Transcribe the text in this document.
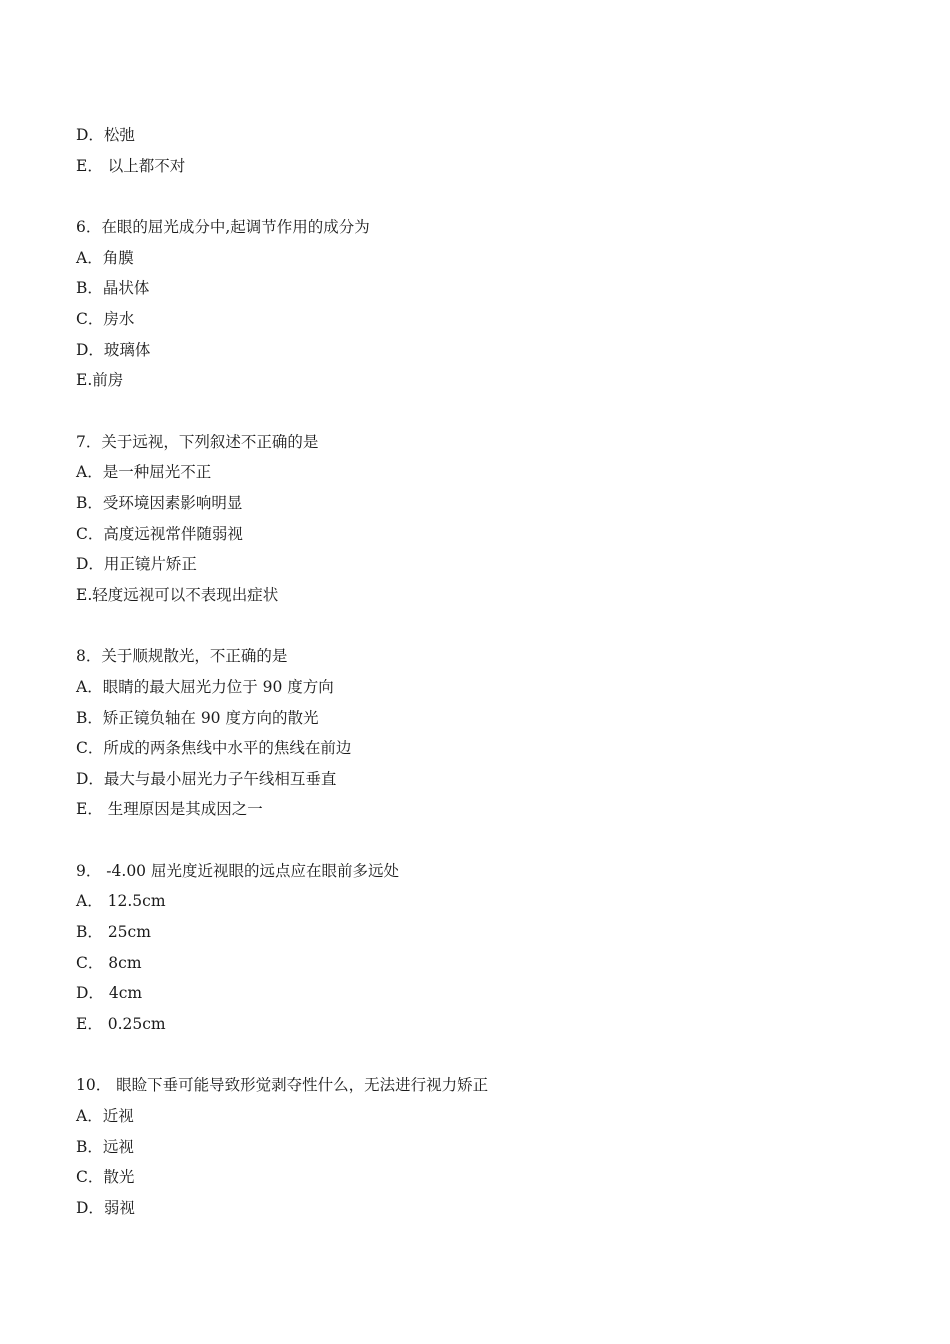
D．松弛
E． 以上都不对
6．在眼的屈光成分中,起调节作用的成分为
A．角膜
B．晶状体
C．房水
D．玻璃体
E.前房
7．关于远视，下列叙述不正确的是
A．是一种屈光不正
B．受环境因素影响明显
C．高度远视常伴随弱视
D．用正镜片矫正
E.轻度远视可以不表现出症状
8．关于顺规散光，不正确的是
A．眼睛的最大屈光力位于 90 度方向
B．矫正镜负轴在 90 度方向的散光
C．所成的两条焦线中水平的焦线在前边
D．最大与最小屈光力子午线相互垂直
E． 生理原因是其成因之一
9． -4.00 屈光度近视眼的远点应在眼前多远处
A． 12.5cm
B． 25cm
C． 8cm
D． 4cm
E． 0.25cm
10． 眼睑下垂可能导致形觉剥夺性什么，无法进行视力矫正
A．近视
B．远视
C．散光
D．弱视
